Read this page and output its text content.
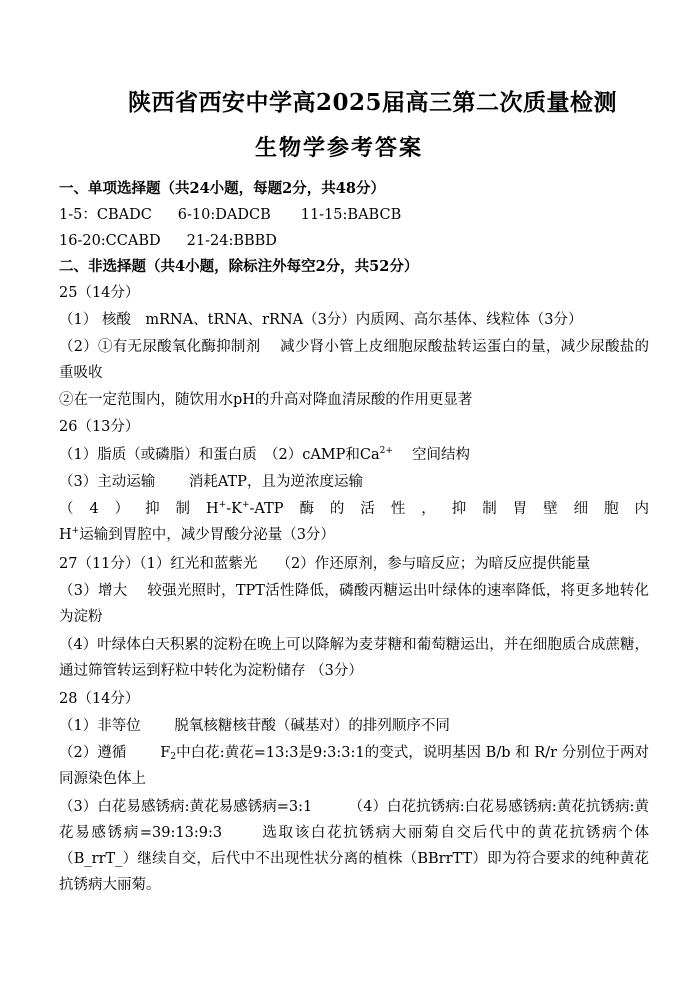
陕西省西安中学高2025届高三第二次质量检测
生物学参考答案
一、单项选择题（共24小题，每题2分，共48分）
1-5：CBADC 6-10:DADCB 11-15:BABCB
16-20:CCABD 21-24:BBBD
二、非选择题（共4小题，除标注外每空2分，共52分）
25（14分）
（1） 核酸　mRNA、tRNA、rRNA（3分）内质网、高尔基体、线粒体（3分）
（2）①有无尿酸氧化酶抑制剂　 减少肾小管上皮细胞尿酸盐转运蛋白的量，减少尿酸盐的重吸收
②在一定范围内，随饮用水pH的升高对降血清尿酸的作用更显著
26（13分）
（1）脂质（或磷脂）和蛋白质　（2）cAMP和$Ca^{2+}$　 空间结构
（3）主动运输　　 消耗ATP，且为逆浓度运输
（4）抑制H+-K+-ATP酶的活性，抑制胃壁细胞内H+运输到胃腔中，减少胃酸分泌量（3分）
27（11分）（1）红光和蓝紫光　 （2）作还原剂，参与暗反应；为暗反应提供能量
（3）增大　 较强光照时，TPT活性降低，磷酸丙糖运出叶绿体的速率降低，将更多地转化为淀粉
（4）叶绿体白天积累的淀粉在晚上可以降解为麦芽糖和葡萄糖运出，并在细胞质合成蔗糖，通过筛管转运到籽粒中转化为淀粉储存 （3分）
28（14分）
（1）非等位　　 脱氧核糖核苷酸（碱基对）的排列顺序不同
（2）遵循　　 $F_2$中白花:黄花=13:3是9:3:3:1的变式，说明基因 B/b 和 R/r 分别位于两对同源染色体上
（3）白花易感锈病:黄花易感锈病=3:1　　　（4）白花抗锈病:白花易感锈病:黄花抗锈病:黄花易感锈病=39:13:9:3　　 选取该白花抗锈病大丽菊自交后代中的黄花抗锈病个体（B_rrT_）继续自交，后代中不出现性状分离的植株（BBrrTT）即为符合要求的纯种黄花抗锈病大丽菊。
